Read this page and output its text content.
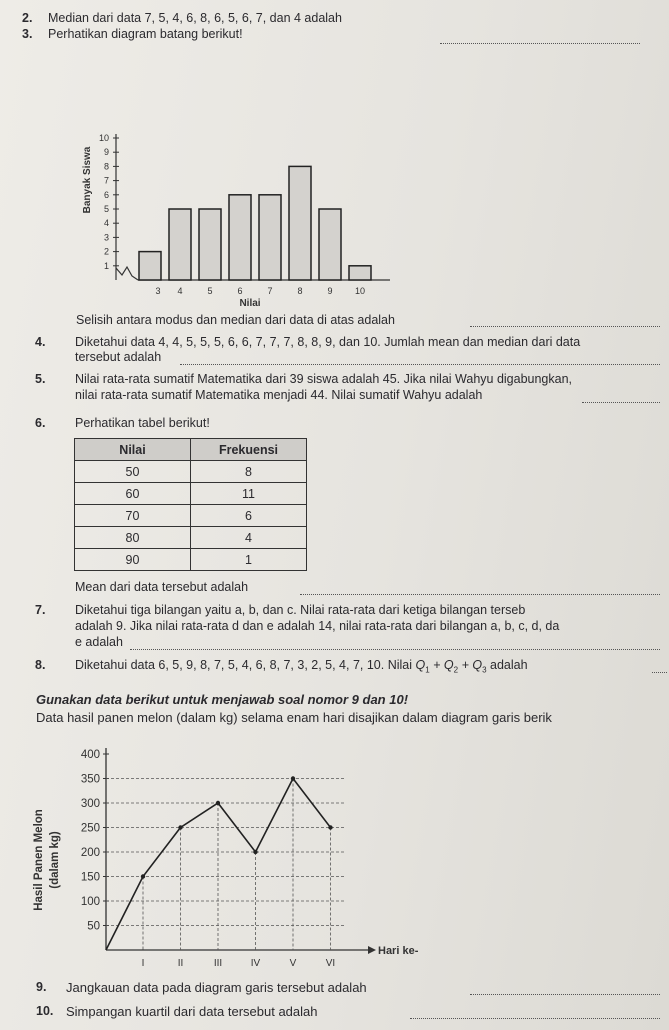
2. Median dari data 7, 5, 4, 6, 8, 6, 5, 6, 7, dan 4 adalah
3. Perhatikan diagram batang berikut!
1
2
3
4
5
6
7
8
9
10
3 4	5	6	7	8	9 10
Nilai
Banyak Siswa
Selisih antara modus dan median dari data di atas adalah
4. Diketahui data 4, 4, 5, 5, 5, 6, 6, 7, 7, 7, 8, 8, 9, dan 10. Jumlah mean dan median dari data
tersebut adalah
5. Nilai rata-rata sumatif Matematika dari 39 siswa adalah 45. Jika nilai Wahyu digabungkan,
nilai rata-rata sumatif Matematika menjadi 44. Nilai sumatif Wahyu adalah
6. Perhatikan tabel berikut!
Nilai	Frekuensi
50	8
60	11
70	6
80	4
90	1
Mean dari data tersebut adalah
7. Diketahui tiga bilangan yaitu a, b, dan c. Nilai rata-rata dari ketiga bilangan terseb
adalah 9. Jika nilai rata-rata d dan e adalah 14, nilai rata-rata dari bilangan a, b, c, d, da
e adalah
8. Diketahui data 6, 5, 9, 8, 7, 5, 4, 6, 8, 7, 3, 2, 5, 4, 7, 10. Nilai $Q_1 + Q_2 + Q_3$ adalah
Gunakan data berikut untuk menjawab soal nomor 9 dan 10!
Data hasil panen melon (dalam kg) selama enam hari disajikan dalam diagram garis berik
Hari ke-
50
100
150
200
250
300
350
400
I	II	III	IV	V	VI
Hasil Panen Melon (dalam kg)
9. Jangkauan data pada diagram garis tersebut adalah
10. Simpangan kuartil dari data tersebut adalah
